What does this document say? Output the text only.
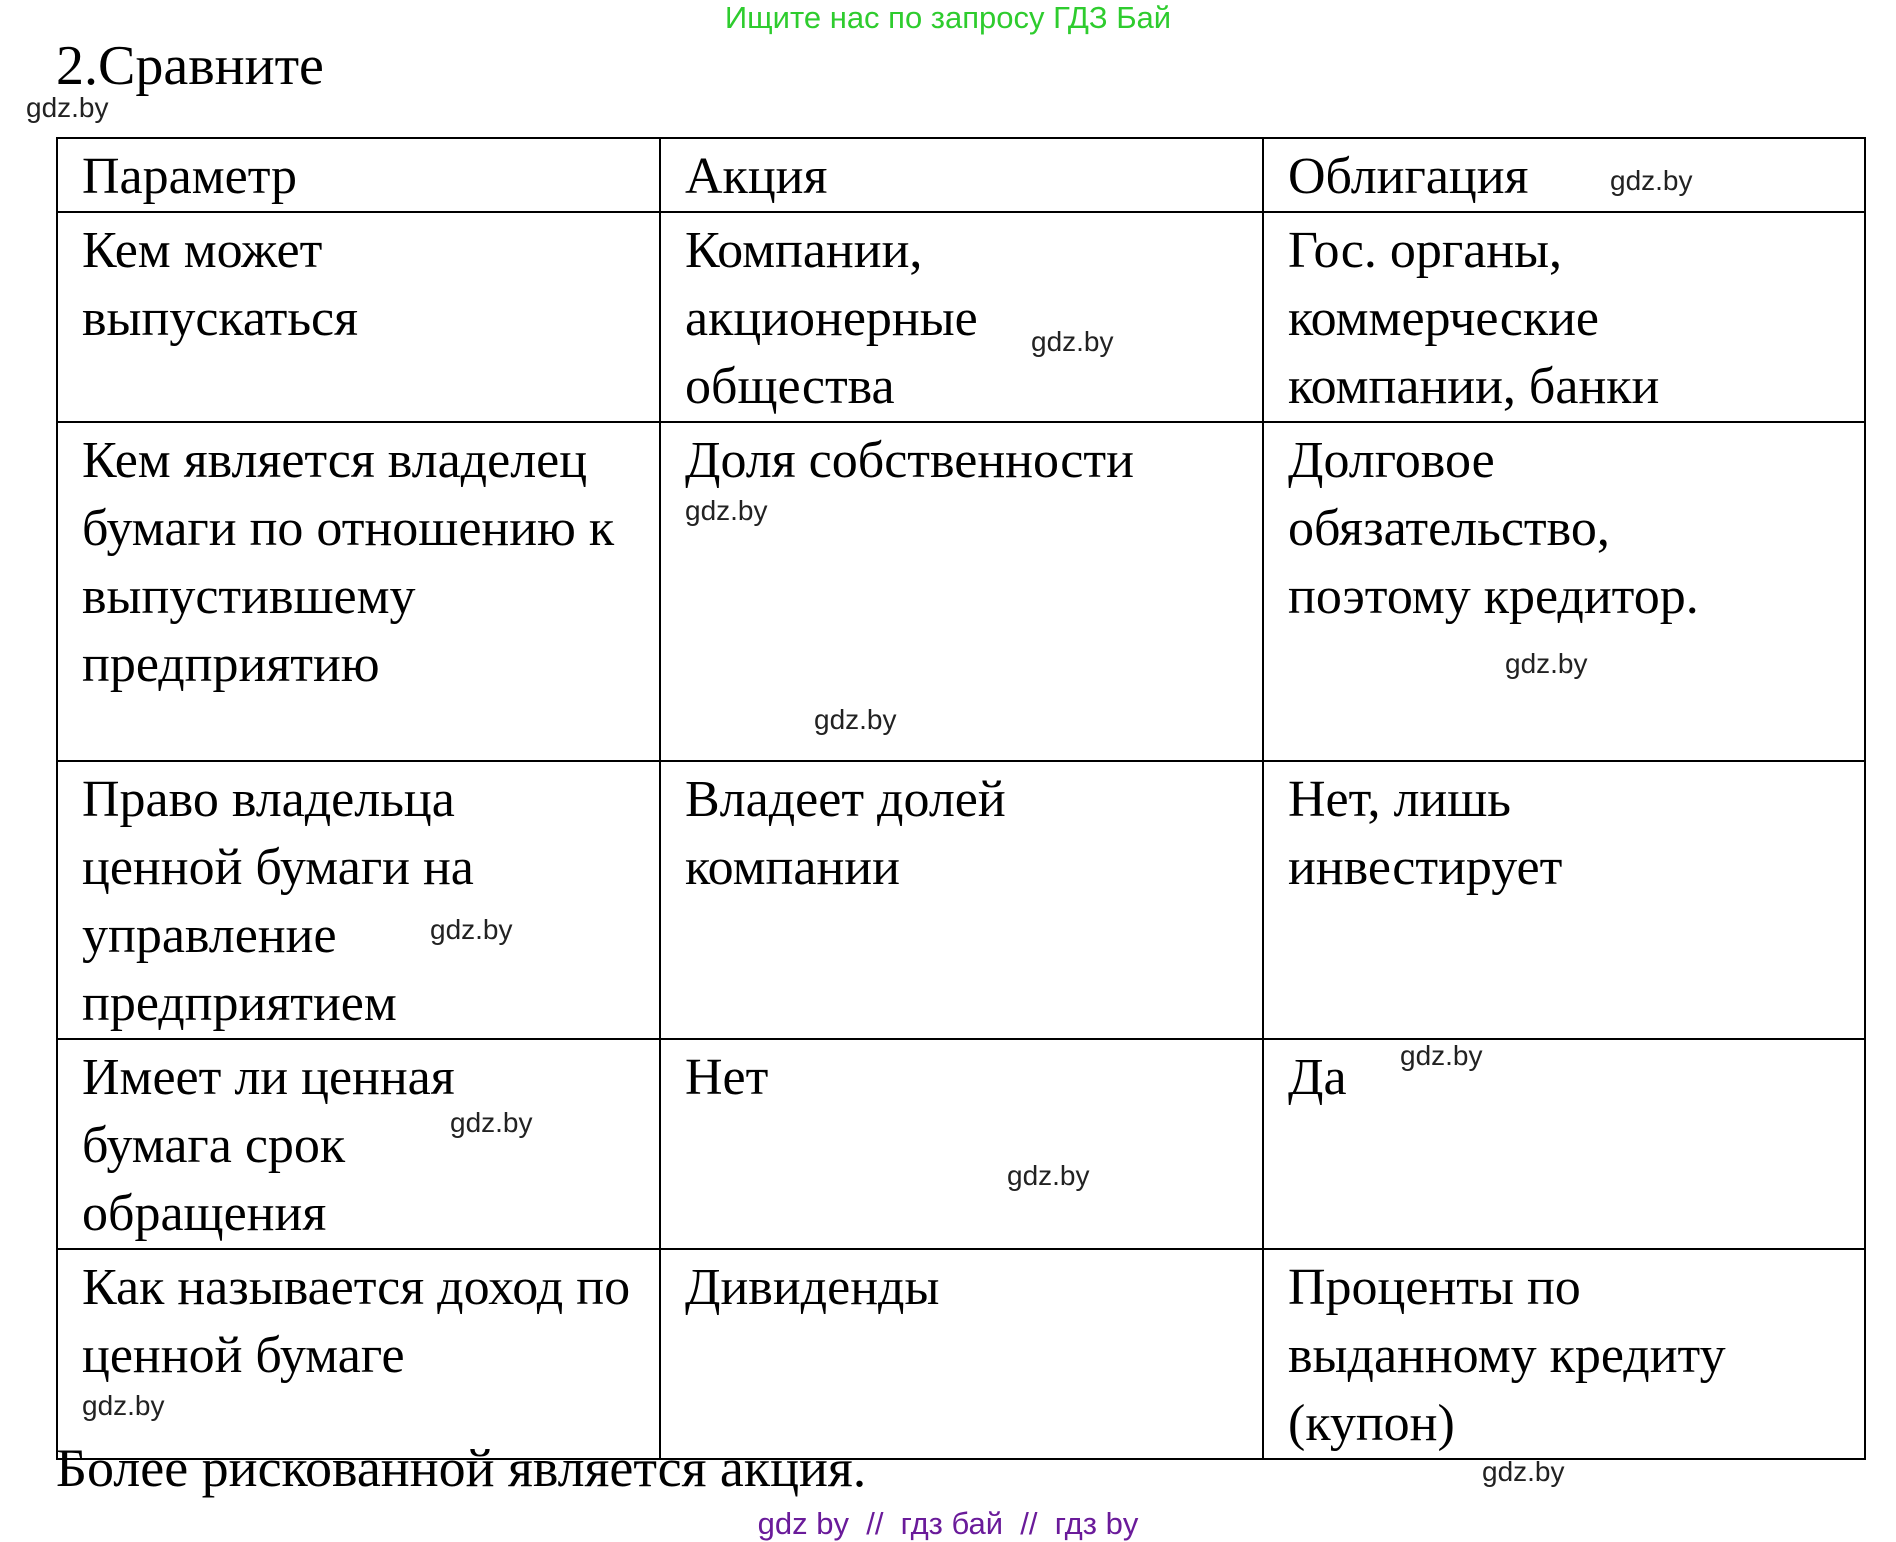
Ищите нас по запросу ГДЗ Бай
2.Сравните
Параметр	Акция	Облигация
Кем может выпускаться	Компании, акционерные общества	Гос. органы, коммерческие компании, банки
Кем является владелец бумаги по отношению к выпустившему предприятию	Доля собственности	Долговое обязательство, поэтому кредитор.
Право владельца ценной бумаги на управление предприятием	Владеет долей компании	Нет, лишь инвестирует
Имеет ли ценная бумага срок обращения	Нет	Да
Как называется доход по ценной бумаге	Дивиденды	Проценты по выданному кредиту (купон)
gdz.by
gdz.by
gdz.by
gdz.by
gdz.by
gdz.by
gdz.by
gdz.by
gdz.by
gdz.by
gdz.by
gdz.by
Более рискованной является акция.
gdz by  //  гдз бай  //  гдз by
